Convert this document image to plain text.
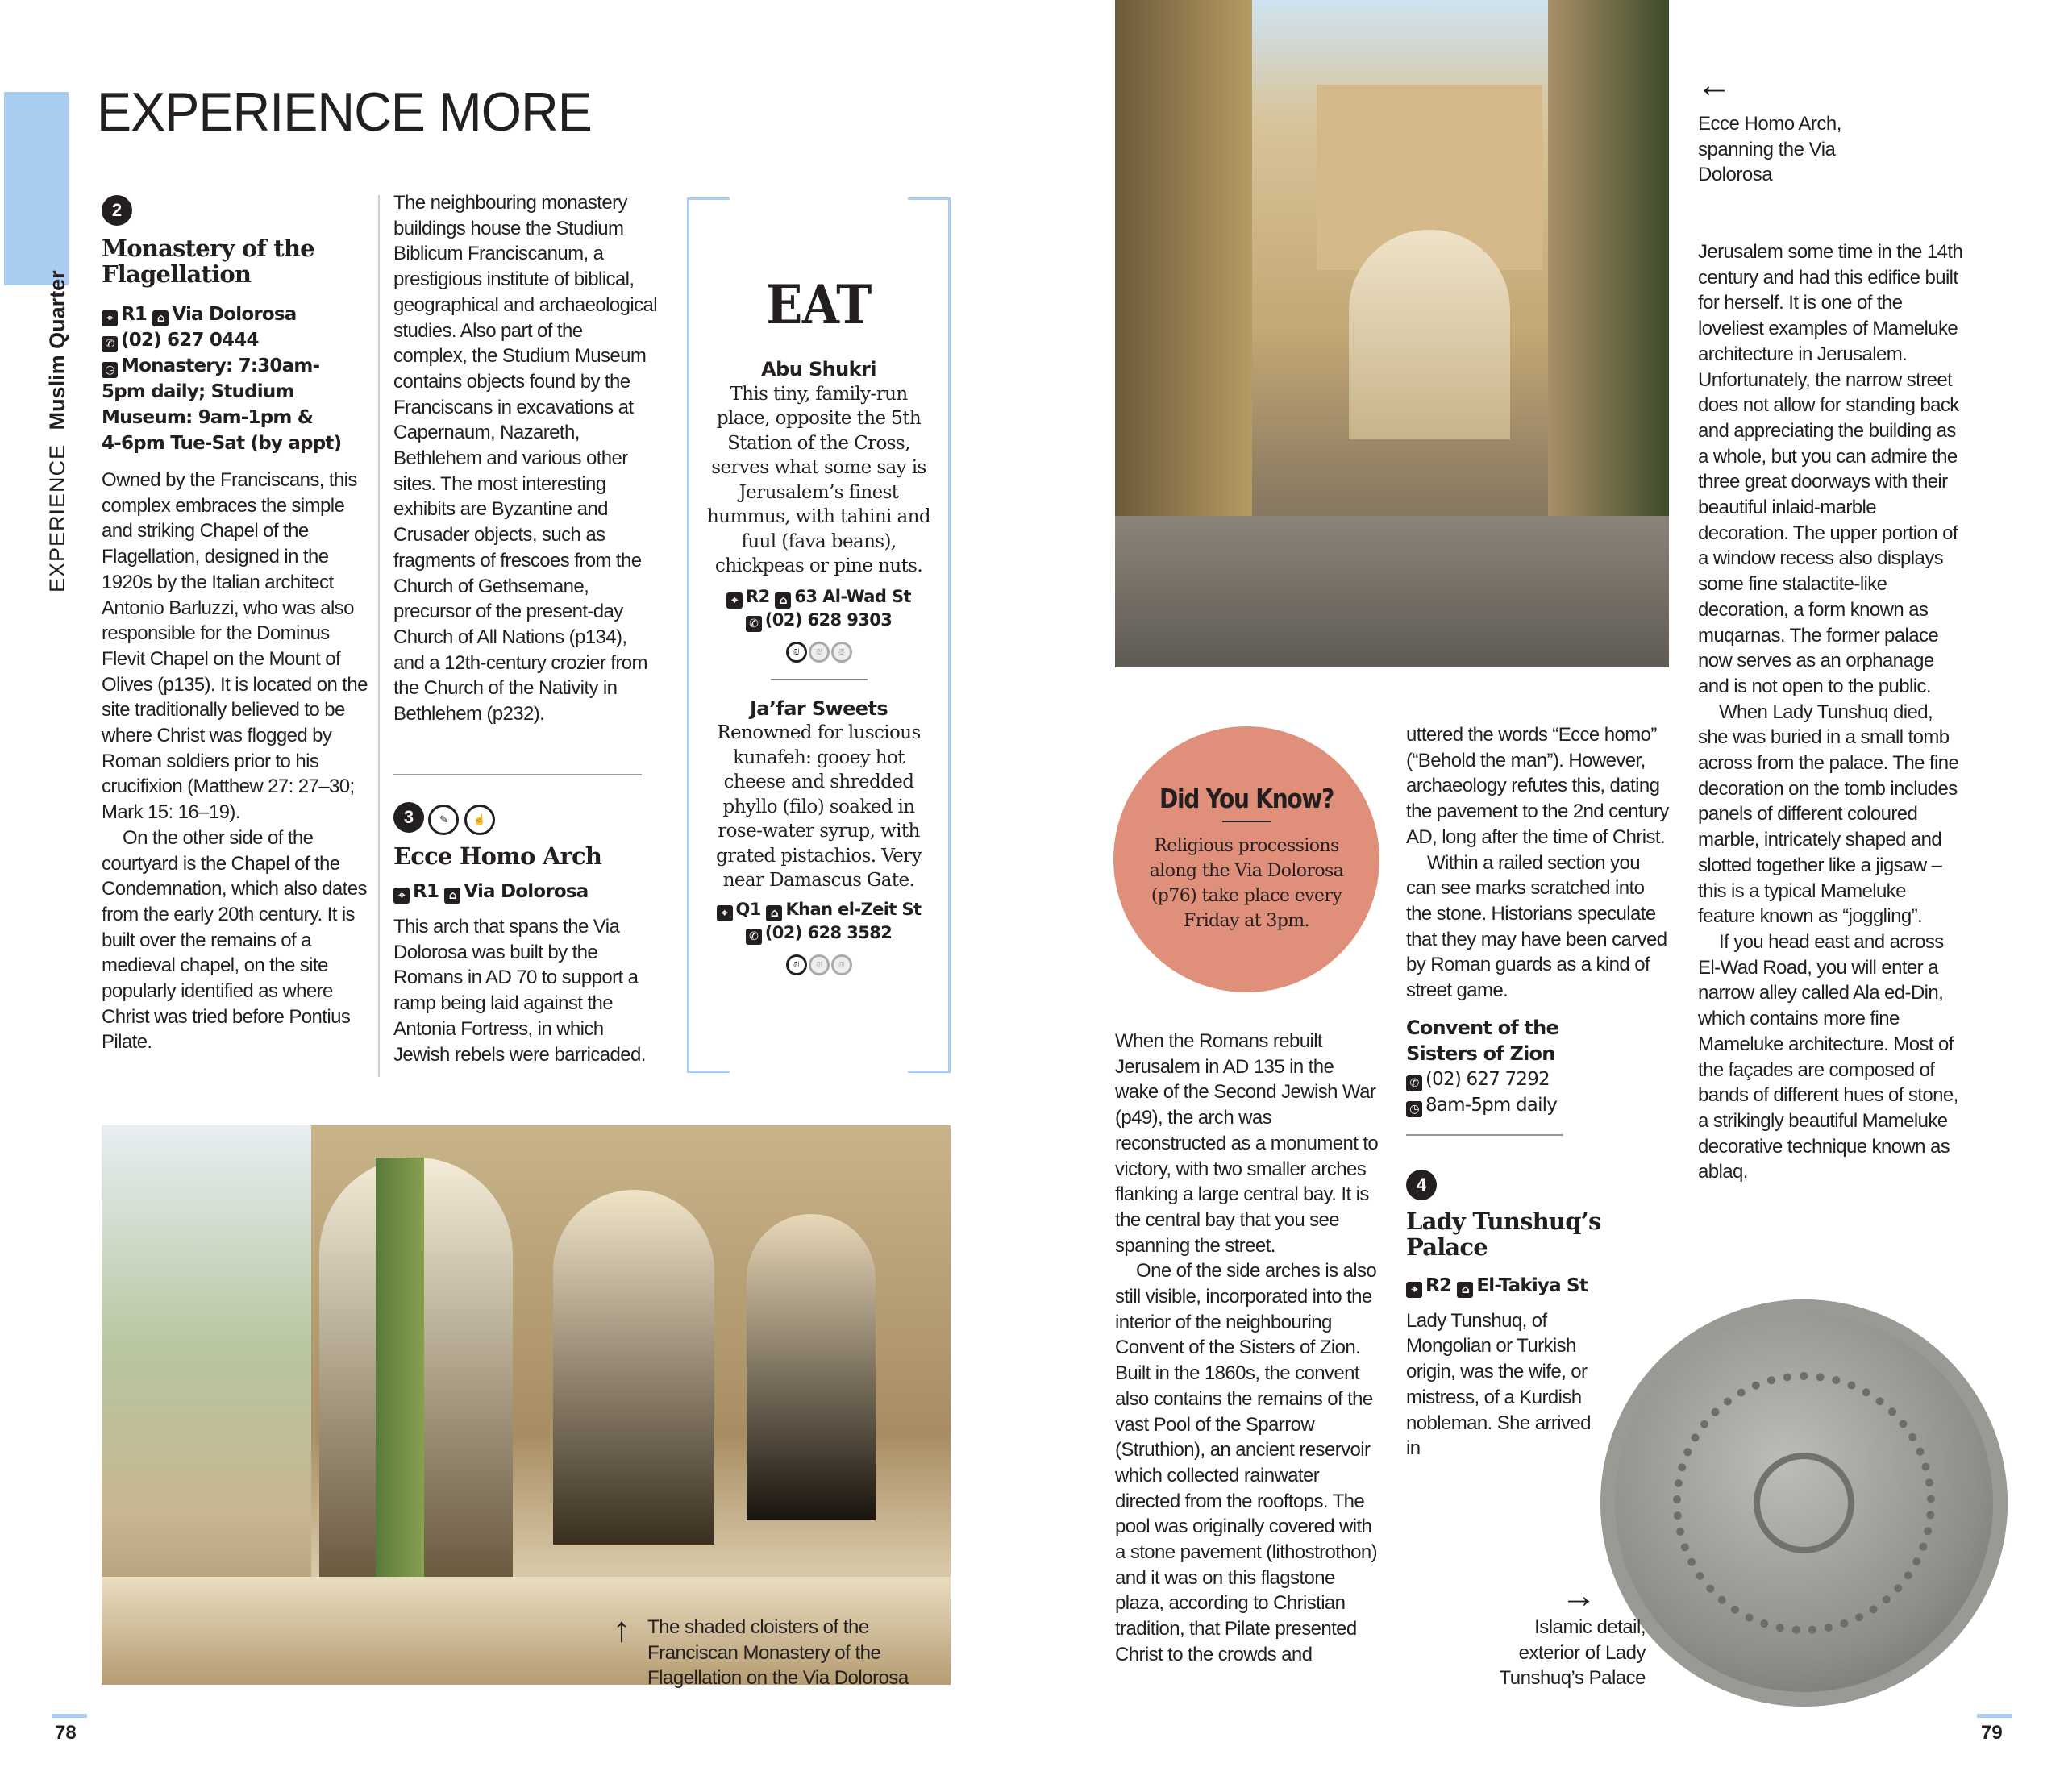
EXPERIENCE Muslim Quarter
EXPERIENCE MORE
2
Monastery of the
Flagellation
⌖ R1 ⌂ Via Dolorosa
✆ (02) 627 0444
◷ Monastery: 7:30am-
5pm daily; Studium
Museum: 9am-1pm &
4-6pm Tue-Sat (by appt)

Owned by the Franciscans, this complex embraces the simple and striking Chapel of the Flagellation, designed in the 1920s by the Italian architect Antonio Barluzzi, who was also responsible for the Dominus Flevit Chapel on the Mount of Olives (p135). It is located on the site traditionally believed to be where Christ was flogged by Roman soldiers prior to his crucifixion (Matthew 27: 27–30; Mark 15: 16–19).

On the other side of the courtyard is the Chapel of the Condemnation, which also dates from the early 20th century. It is built over the remains of a medieval chapel, on the site popularly identified as where Christ was tried before Pontius Pilate.

The neighbouring monastery buildings house the Studium Biblicum Franciscanum, a prestigious institute of biblical, geographical and archaeological studies. Also part of the complex, the Studium Museum contains objects found by the Franciscans in excavations at Capernaum, Nazareth, Bethlehem and various other sites. The most interesting exhibits are Byzantine and Crusader objects, such as fragments of frescoes from the Church of Gethsemane, precursor of the present-day Church of All Nations (p134), and a 12th-century crozier from the Church of the Nativity in Bethlehem (p232).

3 ✎ ☝
Ecce Homo Arch
⌖ R1 ⌂ Via Dolorosa

This arch that spans the Via Dolorosa was built by the Romans in AD 70 to support a ramp being laid against the Antonia Fortress, in which Jewish rebels were barricaded.

EAT
Abu Shukri
This tiny, family-run place, opposite the 5th Station of the Cross, serves what some say is Jerusalem’s finest hummus, with tahini and fuul (fava beans), chickpeas or pine nuts.
⌖ R2 ⌂ 63 Al-Wad St
✆ (02) 628 9303
₪ ₪ ₪
Ja’far Sweets
Renowned for luscious kunafeh: gooey hot cheese and shredded phyllo (filo) soaked in rose-water syrup, with grated pistachios. Very near Damascus Gate.
⌖ Q1 ⌂ Khan el-Zeit St
✆ (02) 628 3582
₪ ₪ ₪
↑ The shaded cloisters of the Franciscan Monastery of the Flagellation on the Via Dolorosa
78	79
←
Ecce Homo Arch, spanning the Via Dolorosa
Did You Know?
Religious processions along the Via Dolorosa (p76) take place every Friday at 3pm.

When the Romans rebuilt Jerusalem in AD 135 in the wake of the Second Jewish War (p49), the arch was reconstructed as a monument to victory, with two smaller arches flanking a large central bay. It is the central bay that you see spanning the street.

One of the side arches is also still visible, incorporated into the interior of the neighbouring Convent of the Sisters of Zion. Built in the 1860s, the convent also contains the remains of the vast Pool of the Sparrow (Struthion), an ancient reservoir which collected rainwater directed from the rooftops. The pool was originally covered with a stone pavement (lithostrothon) and it was on this flagstone plaza, according to Christian tradition, that Pilate presented Christ to the crowds and

uttered the words “Ecce homo” (“Behold the man”). However, archaeology refutes this, dating the pavement to the 2nd century AD, long after the time of Christ.

Within a railed section you can see marks scratched into the stone. Historians speculate that they may have been carved by Roman guards as a kind of street game.

Convent of the
Sisters of Zion
✆ (02) 627 7292
◷ 8am-5pm daily
4
Lady Tunshuq’s
Palace
⌖ R2 ⌂ El-Takiya St

Lady Tunshuq, of Mongolian or Turkish origin, was the wife, or mistress, of a Kurdish nobleman. She arrived in

Jerusalem some time in the 14th century and had this edifice built for herself. It is one of the loveliest examples of Mameluke architecture in Jerusalem. Unfortunately, the narrow street does not allow for standing back and appreciating the building as a whole, but you can admire the three great doorways with their beautiful inlaid-marble decoration. The upper portion of a window recess also displays some fine stalactite-like decoration, a form known as muqarnas. The former palace now serves as an orphanage and is not open to the public.

When Lady Tunshuq died, she was buried in a small tomb across from the palace. The fine decoration on the tomb includes panels of different coloured marble, intricately shaped and slotted together like a jigsaw – this is a typical Mameluke feature known as “joggling”.

If you head east and across El-Wad Road, you will enter a narrow alley called Ala ed-Din, which contains more fine Mameluke architecture. Most of the façades are composed of bands of different hues of stone, a strikingly beautiful Mameluke decorative technique known as ablaq.

→
Islamic detail, exterior of Lady Tunshuq’s Palace
